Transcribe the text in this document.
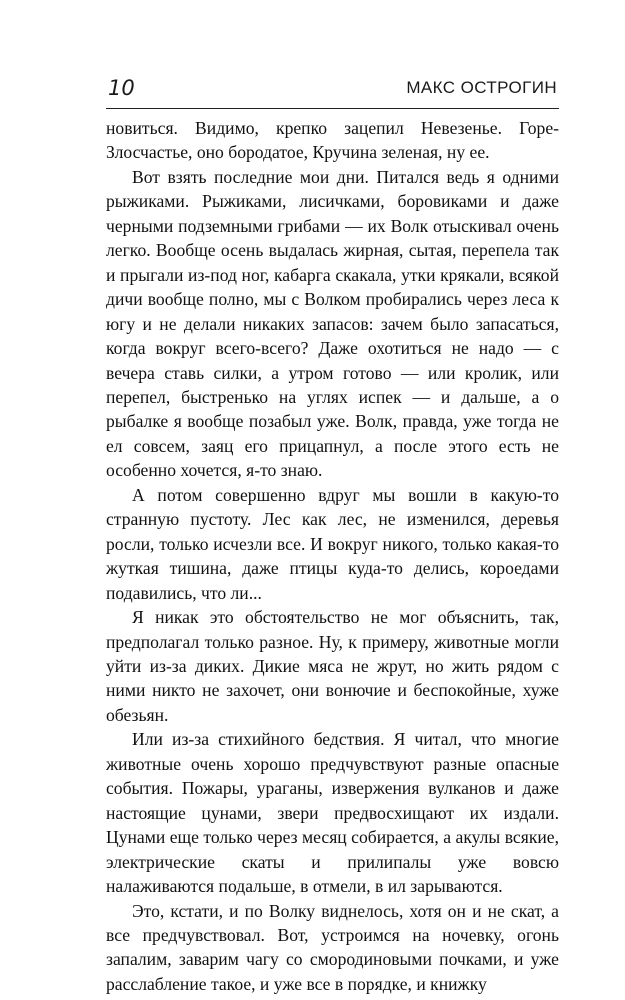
10	МАКС ОСТРОГИН

новиться. Видимо, крепко зацепил Невезенье. Горе-Злосчастье, оно бородатое, Кручина зеленая, ну ее.

Вот взять последние мои дни. Питался ведь я одними рыжиками. Рыжиками, лисичками, боровиками и даже черными подземными грибами — их Волк отыскивал очень легко. Вообще осень выдалась жирная, сытая, перепела так и прыгали из-под ног, кабарга скакала, утки крякали, всякой дичи вообще полно, мы с Волком пробирались через леса к югу и не делали никаких запасов: зачем было запасаться, когда вокруг всего-всего? Даже охотиться не надо — с вечера ставь силки, а утром готово — или кролик, или перепел, быстренько на углях испек — и дальше, а о рыбалке я вообще позабыл уже. Волк, правда, уже тогда не ел совсем, заяц его прицапнул, а после этого есть не особенно хочется, я-то знаю.

А потом совершенно вдруг мы вошли в какую-то странную пустоту. Лес как лес, не изменился, деревья росли, только исчезли все. И вокруг никого, только какая-то жуткая тишина, даже птицы куда-то делись, короедами подавились, что ли...

Я никак это обстоятельство не мог объяснить, так, предполагал только разное. Ну, к примеру, животные могли уйти из-за диких. Дикие мяса не жрут, но жить рядом с ними никто не захочет, они вонючие и беспокойные, хуже обезьян.

Или из-за стихийного бедствия. Я читал, что многие животные очень хорошо предчувствуют разные опасные события. Пожары, ураганы, извержения вулканов и даже настоящие цунами, звери предвосхищают их издали. Цунами еще только через месяц собирается, а акулы всякие, электрические скаты и прилипалы уже вовсю налаживаются подальше, в отмели, в ил зарываются.

Это, кстати, и по Волку виднелось, хотя он и не скат, а все предчувствовал. Вот, устроимся на ночевку, огонь запалим, заварим чагу со смородиновыми почками, и уже расслабление такое, и уже все в порядке, и книжку
